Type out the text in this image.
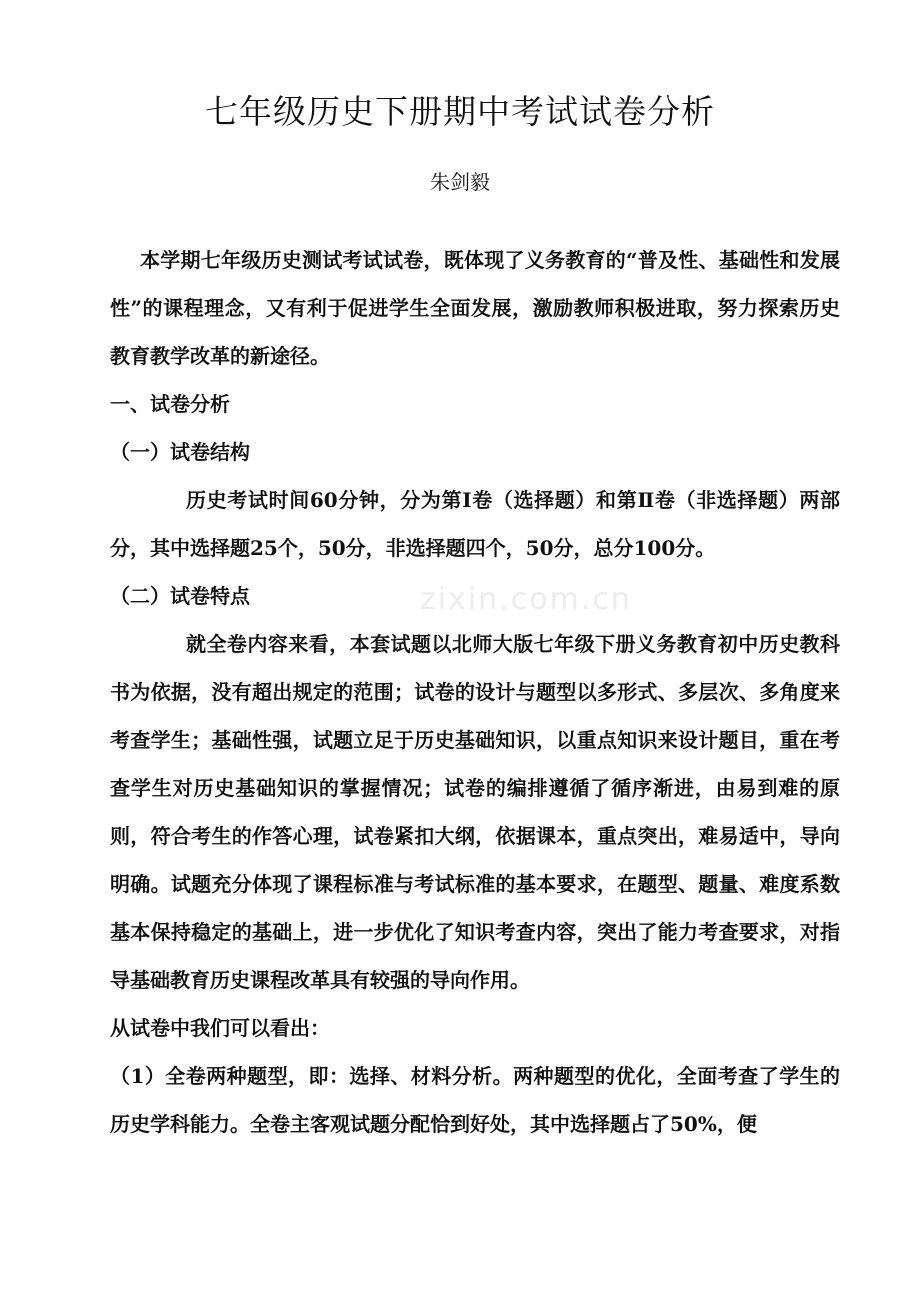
七年级历史下册期中考试试卷分析
朱剑毅
zixin.com.cn

本学期七年级历史测试考试试卷，既体现了义务教育的“普及性、基础性和发展性”的课程理念，又有利于促进学生全面发展，激励教师积极进取，努力探索历史教育教学改革的新途径。

一、试卷分析

（一）试卷结构

历史考试时间60分钟，分为第Ⅰ卷（选择题）和第Ⅱ卷（非选择题）两部分，其中选择题25个，50分，非选择题四个，50分，总分100分。

（二）试卷特点

就全卷内容来看，本套试题以北师大版七年级下册义务教育初中历史教科书为依据，没有超出规定的范围；试卷的设计与题型以多形式、多层次、多角度来考查学生；基础性强，试题立足于历史基础知识，以重点知识来设计题目，重在考查学生对历史基础知识的掌握情况；试卷的编排遵循了循序渐进，由易到难的原则，符合考生的作答心理，试卷紧扣大纲，依据课本，重点突出，难易适中，导向明确。试题充分体现了课程标准与考试标准的基本要求，在题型、题量、难度系数基本保持稳定的基础上，进一步优化了知识考查内容，突出了能力考查要求，对指导基础教育历史课程改革具有较强的导向作用。

从试卷中我们可以看出：

（1）全卷两种题型，即：选择、材料分析。两种题型的优化，全面考查了学生的历史学科能力。全卷主客观试题分配恰到好处，其中选择题占了50%，便
